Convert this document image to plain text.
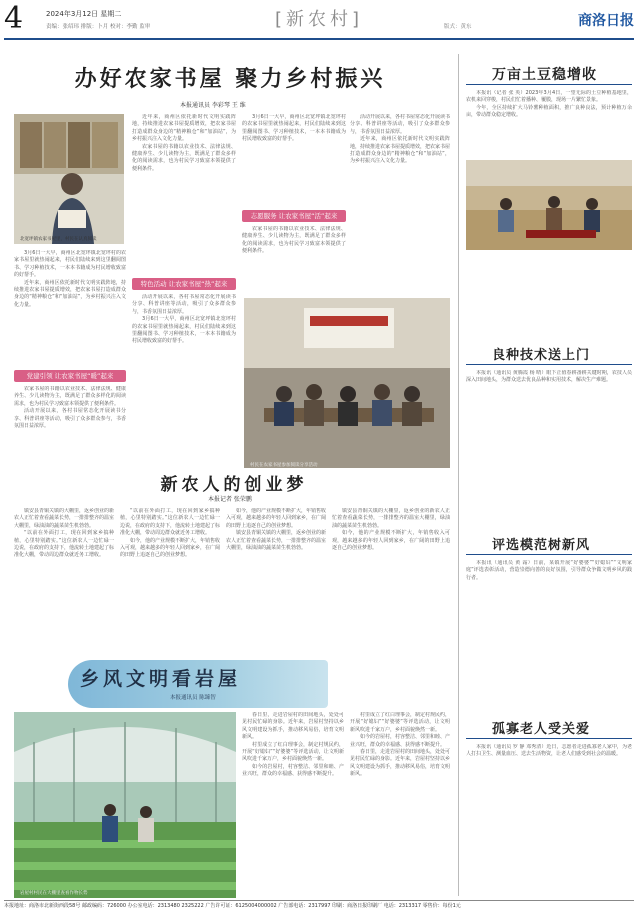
4	2024年3月12日 星期二
责编：张绍玮 排版：卜月 校对：李勤 监审	[新农村]	版式：黄东	商洛日报
办好农家书屋 聚力乡村振兴
本报通讯员 李彩琴 王 维
北宽坪镇农家书屋里，村民在认真阅读

3月6日一大早，商州区北宽坪镇北宽坪村的农家书屋里就热闹起来，村民们陆续来到这里翻阅图书、学习种植技术，一本本书籍成为村民增收致富的好帮手。

近年来，商州区依托新时代文明实践阵地，持续推进农家书屋提质增效，把农家书屋打造成群众身边的“精神粮仓”和“加油站”，为乡村振兴注入文化力量。

党建引领 让农家书屋“暖”起来

农家书屋的书籍以农业技术、法律法规、健康养生、少儿读物为主，既满足了群众多样化的阅读需求，也为村民学习致富本领提供了便利条件。

活动开展以来，各村书屋常态化开展读书分享、科普讲座等活动，吸引了众多群众参与，书香氛围日益浓厚。

近年来，商州区依托新时代文明实践阵地，持续推进农家书屋提质增效，把农家书屋打造成群众身边的“精神粮仓”和“加油站”，为乡村振兴注入文化力量。

农家书屋的书籍以农业技术、法律法规、健康养生、少儿读物为主，既满足了群众多样化的阅读需求，也为村民学习致富本领提供了便利条件。

特色活动 让农家书屋“热”起来

活动开展以来，各村书屋常态化开展读书分享、科普讲座等活动，吸引了众多群众参与，书香氛围日益浓厚。

3月6日一大早，商州区北宽坪镇北宽坪村的农家书屋里就热闹起来，村民们陆续来到这里翻阅图书、学习种植技术，一本本书籍成为村民增收致富的好帮手。

3月6日一大早，商州区北宽坪镇北宽坪村的农家书屋里就热闹起来，村民们陆续来到这里翻阅图书、学习种植技术，一本本书籍成为村民增收致富的好帮手。

志愿服务 让农家书屋“活”起来

农家书屋的书籍以农业技术、法律法规、健康养生、少儿读物为主，既满足了群众多样化的阅读需求，也为村民学习致富本领提供了便利条件。

活动开展以来，各村书屋常态化开展读书分享、科普讲座等活动，吸引了众多群众参与，书香氛围日益浓厚。

近年来，商州区依托新时代文明实践阵地，持续推进农家书屋提质增效，把农家书屋打造成群众身边的“精神粮仓”和“加油站”，为乡村振兴注入文化力量。

村民在农家书屋参加阅读分享活动
新农人的创业梦
本报记者 张荣鹏

镇安县青铜关镇的大棚里，返乡创业的新农人正忙着查看蔬菜长势，一排排整齐的温室大棚里，绿油油的蔬菜苗生机勃勃。

“以前在外面打工，现在回到家乡搞种植，心里特别踏实。”这位新农人一边忙碌一边说，在政府的支持下，他流转土地建起了标准化大棚，带动周边群众就近务工增收。

“以前在外面打工，现在回到家乡搞种植，心里特别踏实。”这位新农人一边忙碌一边说，在政府的支持下，他流转土地建起了标准化大棚，带动周边群众就近务工增收。

如今，他的产业规模不断扩大，年销售收入可观，越来越多的年轻人回到家乡，在广阔的田野上追逐自己的创业梦想。

如今，他的产业规模不断扩大，年销售收入可观，越来越多的年轻人回到家乡，在广阔的田野上追逐自己的创业梦想。

镇安县青铜关镇的大棚里，返乡创业的新农人正忙着查看蔬菜长势，一排排整齐的温室大棚里，绿油油的蔬菜苗生机勃勃。

镇安县青铜关镇的大棚里，返乡创业的新农人正忙着查看蔬菜长势，一排排整齐的温室大棚里，绿油油的蔬菜苗生机勃勃。

如今，他的产业规模不断扩大，年销售收入可观，越来越多的年轻人回到家乡，在广阔的田野上追逐自己的创业梦想。

乡风文明看岩屋
本报通讯员 陈臻智
岩屋村村民在大棚里查看作物长势

春日里，走进岩屋村的田间地头，处处可见村民忙碌的身影。近年来，岩屋村坚持以乡风文明建设为抓手，推动移风易俗，培育文明新风。

村里成立了红白理事会，制定村规民约，开展“好媳妇”“好婆婆”等评选活动，让文明新风吹进千家万户，乡村面貌焕然一新。

如今的岩屋村，村容整洁、邻里和睦、产业兴旺，群众的幸福感、获得感不断提升。

村里成立了红白理事会，制定村规民约，开展“好媳妇”“好婆婆”等评选活动，让文明新风吹进千家万户，乡村面貌焕然一新。

如今的岩屋村，村容整洁、邻里和睦、产业兴旺，群众的幸福感、获得感不断提升。

春日里，走进岩屋村的田间地头，处处可见村民忙碌的身影。近年来，岩屋村坚持以乡风文明建设为抓手，推动移风易俗，培育文明新风。

万亩土豆稳增收

本报讯（记者 张 英）2023年3月4日，一望无际的土豆种植基地里，农机来回穿梭，村民们忙着播种、覆膜，现场一片繁忙景象。

今年，全区持续扩大马铃薯种植面积，推广良种良法，预计种植万余亩，带动群众稳定增收。

良种技术送上门

本报讯（通讯员 黄腾霞 杨 晴）眼下正值春耕备耕关键时期，农技人员深入田间地头，为群众送去优良品种和实用技术，解决生产难题。

评选模范树新风

本报讯（通讯员 黄 霜）日前，某镇开展“好婆婆”“好媳妇”“文明家庭”评选表彰活动，营造崇德向善的良好氛围，引导群众争做文明乡风的践行者。

孤寡老人受关爱

本报讯（通讯员 罗 静 邓秀清）近日，志愿者走进孤寡老人家中，为老人打扫卫生、测量血压、送去生活物资，让老人们感受到社会的温暖。

本报地址：商洛市北新街西段58号 邮政编码：726000 办公室电话：2313480 2325222 广告许可证：6125004000002 广告部电话：2317997 印刷：商洛日报印刷厂 电话：2313317 零售价：每份1元
